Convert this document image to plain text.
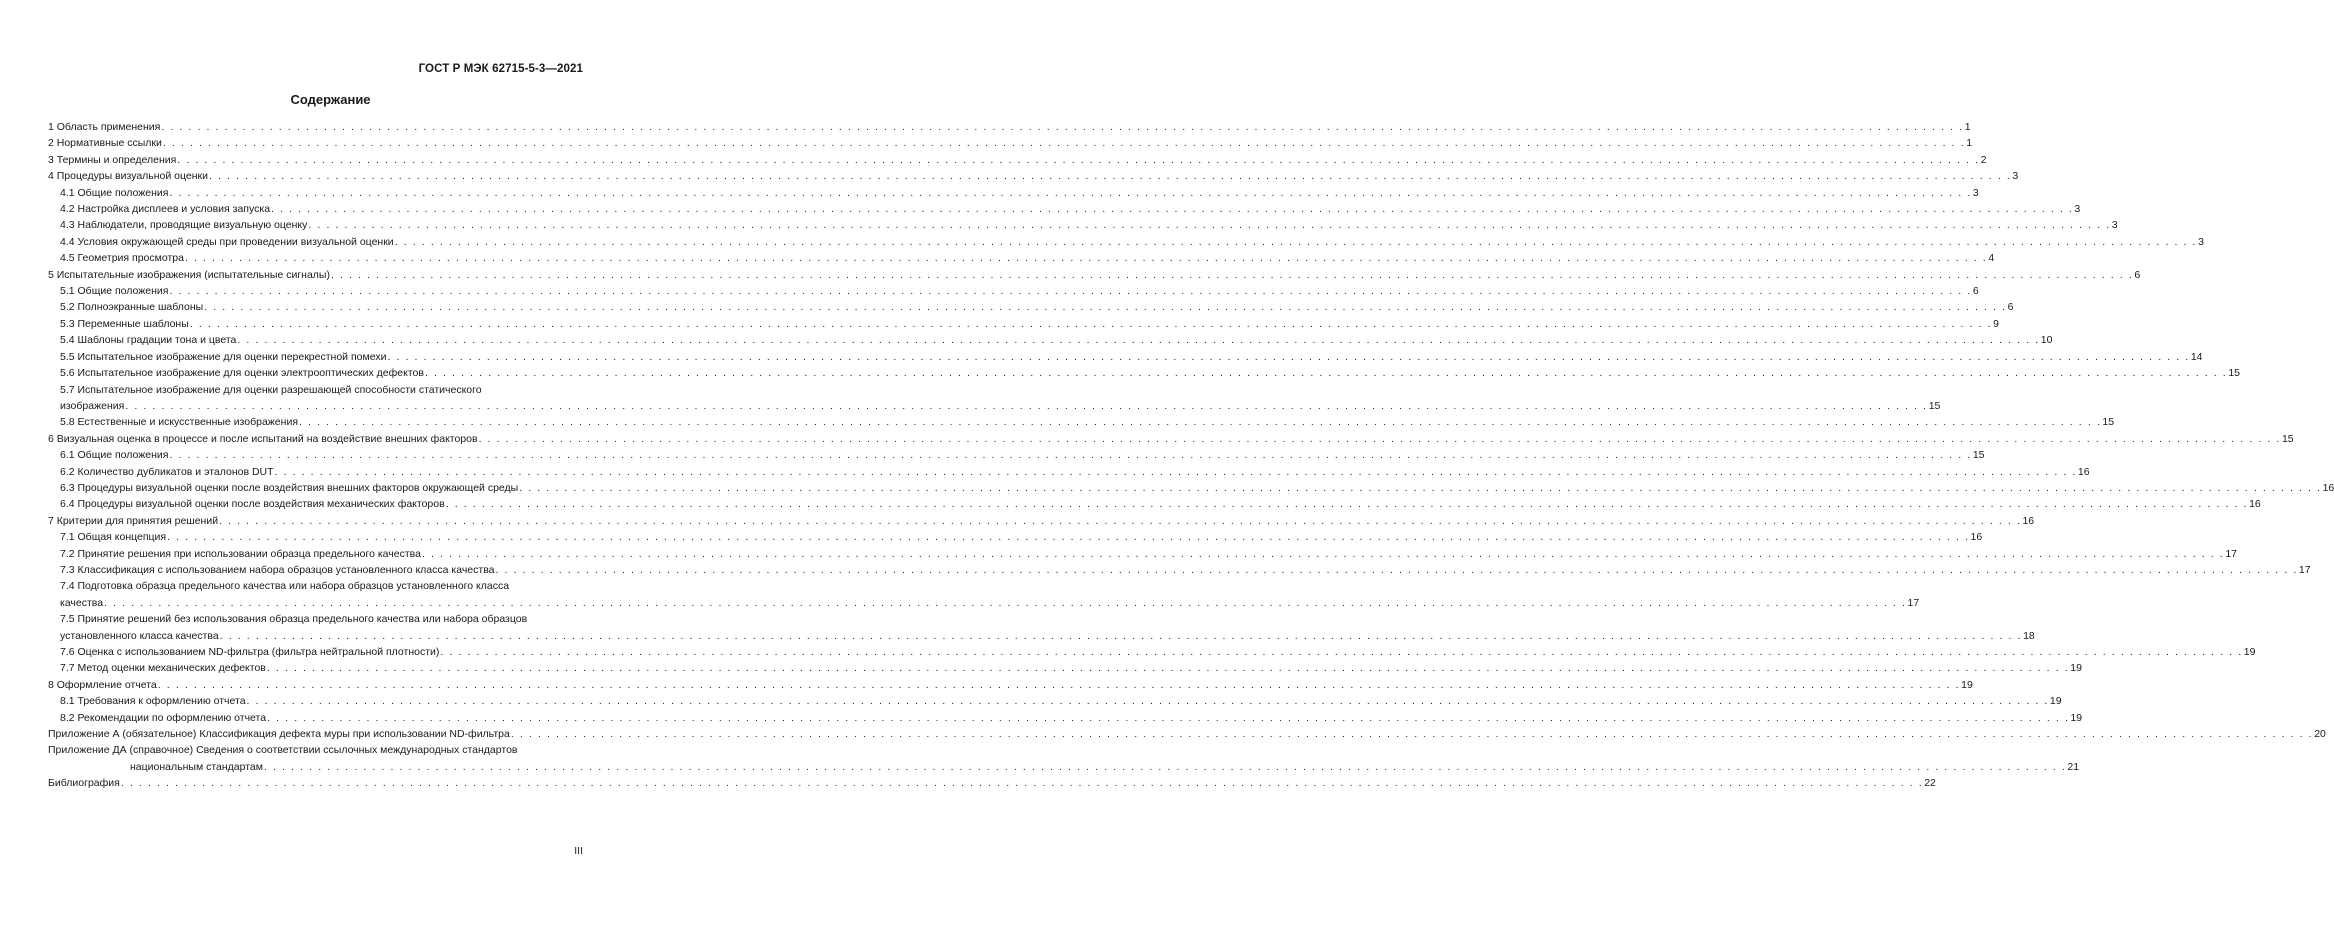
ГОСТ Р МЭК 62715-5-3—2021
Содержание
1 Область применения . . . . . . . . . . . . . . . . . . . . . . . . . . . . . . . . . . . . . . . . . . . . . . . . . . . . . . . . . . . . . . . . . . . . . . . . . . . . . . . . . . . . . . . . . . . . . . . . . . . . . . . . . . . . . . . . . . . . . . . . . . . . . . . . . . . . . . . . . . . . . . . . . . . . . . . . . . . . . . . . . . . . . . . . . . . . . . . . . . . . . . . . . . . . . . . . . . . . . . . . 1
2 Нормативные ссылки . . . . . . . . . . . . . . . . . . . . . . . . . . . . . . . . . . . . . . . . . . . . . . . . . . . . . . . . . . . . . . . . . . . . . . . . . . . . . . . . . . . . . . . . . . . . . . . . . . . . . . . . . . . . . . . . . . . . . . . . . . . . . . . . . . . . . . . . . . . . . . . . . . . . . . . . . . . . . . . . . . . . . . . . . . . . . . . . . . . . . . . . . . . . . . . . . . . . . . . . 1
3 Термины и определения . . . . . . . . . . . . . . . . . . . . . . . . . . . . . . . . . . . . . . . . . . . . . . . . . . . . . . . . . . . . . . . . . . . . . . . . . . . . . . . . . . . . . . . . . . . . . . . . . . . . . . . . . . . . . . . . . . . . . . . . . . . . . . . . . . . . . . . . . . . . . . . . . . . . . . . . . . . . . . . . . . . . . . . . . . . . . . . . . . . . . . . . . . . . . . . . . . . . . . . . 2
4 Процедуры визуальной оценки . . . . . . . . . . . . . . . . . . . . . . . . . . . . . . . . . . . . . . . . . . . . . . . . . . . . . . . . . . . . . . . . . . . . . . . . . . . . . . . . . . . . . . . . . . . . . . . . . . . . . . . . . . . . . . . . . . . . . . . . . . . . . . . . . . . . . . . . . . . . . . . . . . . . . . . . . . . . . . . . . . . . . . . . . . . . . . . . . . . . . . . . . . . . . . . . . . . . . . . . 3
4.1 Общие положения . . . . . . . . . . . . . . . . . . . . . . . . . . . . . . . . . . . . . . . . . . . . . . . . . . . . . . . . . . . . . . . . . . . . . . . . . . . . . . . . . . . . . . . . . . . . . . . . . . . . . . . . . . . . . . . . . . . . . . . . . . . . . . . . . . . . . . . . . . . . . . . . . . . . . . . . . . . . . . . . . . . . . . . . . . . . . . . . . . . . . . . . . . . . . . . . . . . . . . . . 3
4.2 Настройка дисплеев и условия запуска . . . . . . . . . . . . . . . . . . . . . . . . . . . . . . . . . . . . . . . . . . . . . . . . . . . . . . . . . . . . . . . . . . . . . . . . . . . . . . . . . . . . . . . . . . . . . . . . . . . . . . . . . . . . . . . . . . . . . . . . . . . . . . . . . . . . . . . . . . . . . . . . . . . . . . . . . . . . . . . . . . . . . . . . . . . . . . . . . . . . . . . . . . . . . . . . . . . . . . . . 3
4.3 Наблюдатели, проводящие визуальную оценку . . . . . . . . . . . . . . . . . . . . . . . . . . . . . . . . . . . . . . . . . . . . . . . . . . . . . . . . . . . . . . . . . . . . . . . . . . . . . . . . . . . . . . . . . . . . . . . . . . . . . . . . . . . . . . . . . . . . . . . . . . . . . . . . . . . . . . . . . . . . . . . . . . . . . . . . . . . . . . . . . . . . . . . . . . . . . . . . . . . . . . . . . . . . . . . . . . . . . . . . 3
4.4 Условия окружающей среды при проведении визуальной оценки . . . . . . . . . . . . . . . . . . . . . . . . . . . . . . . . . . . . . . . . . . . . . . . . . . . . . . . . . . . . . . . . . . . . . . . . . . . . . . . . . . . . . . . . . . . . . . . . . . . . . . . . . . . . . . . . . . . . . . . . . . . . . . . . . . . . . . . . . . . . . . . . . . . . . . . . . . . . . . . . . . . . . . . . . . . . . . . . . . . . . . . . . . . . . . . . . . . . . . . . 3
4.5 Геометрия просмотра . . . . . . . . . . . . . . . . . . . . . . . . . . . . . . . . . . . . . . . . . . . . . . . . . . . . . . . . . . . . . . . . . . . . . . . . . . . . . . . . . . . . . . . . . . . . . . . . . . . . . . . . . . . . . . . . . . . . . . . . . . . . . . . . . . . . . . . . . . . . . . . . . . . . . . . . . . . . . . . . . . . . . . . . . . . . . . . . . . . . . . . . . . . . . . . . . . . . . . . . 4
5 Испытательные изображения (испытательные сигналы) . . . . . . . . . . . . . . . . . . . . . . . . . . . . . . . . . . . . . . . . . . . . . . . . . . . . . . . . . . . . . . . . . . . . . . . . . . . . . . . . . . . . . . . . . . . . . . . . . . . . . . . . . . . . . . . . . . . . . . . . . . . . . . . . . . . . . . . . . . . . . . . . . . . . . . . . . . . . . . . . . . . . . . . . . . . . . . . . . . . . . . . . . . . . . . . . . . . . . . . . 6
5.1 Общие положения . . . . . . . . . . . . . . . . . . . . . . . . . . . . . . . . . . . . . . . . . . . . . . . . . . . . . . . . . . . . . . . . . . . . . . . . . . . . . . . . . . . . . . . . . . . . . . . . . . . . . . . . . . . . . . . . . . . . . . . . . . . . . . . . . . . . . . . . . . . . . . . . . . . . . . . . . . . . . . . . . . . . . . . . . . . . . . . . . . . . . . . . . . . . . . . . . . . . . . . . 6
5.2 Полноэкранные шаблоны . . . . . . . . . . . . . . . . . . . . . . . . . . . . . . . . . . . . . . . . . . . . . . . . . . . . . . . . . . . . . . . . . . . . . . . . . . . . . . . . . . . . . . . . . . . . . . . . . . . . . . . . . . . . . . . . . . . . . . . . . . . . . . . . . . . . . . . . . . . . . . . . . . . . . . . . . . . . . . . . . . . . . . . . . . . . . . . . . . . . . . . . . . . . . . . . . . . . . . . . 6
5.3 Переменные шаблоны . . . . . . . . . . . . . . . . . . . . . . . . . . . . . . . . . . . . . . . . . . . . . . . . . . . . . . . . . . . . . . . . . . . . . . . . . . . . . . . . . . . . . . . . . . . . . . . . . . . . . . . . . . . . . . . . . . . . . . . . . . . . . . . . . . . . . . . . . . . . . . . . . . . . . . . . . . . . . . . . . . . . . . . . . . . . . . . . . . . . . . . . . . . . . . . . . . . . . . . . 9
5.4 Шаблоны градации тона и цвета . . . . . . . . . . . . . . . . . . . . . . . . . . . . . . . . . . . . . . . . . . . . . . . . . . . . . . . . . . . . . . . . . . . . . . . . . . . . . . . . . . . . . . . . . . . . . . . . . . . . . . . . . . . . . . . . . . . . . . . . . . . . . . . . . . . . . . . . . . . . . . . . . . . . . . . . . . . . . . . . . . . . . . . . . . . . . . . . . . . . . . . . . . . . . . . . . . . . . . . . 10
5.5 Испытательное изображение для оценки перекрестной помехи . . . . . . . . . . . . . . . . . . . . . . . . . . . . . . . . . . . . . . . . . . . . . . . . . . . . . . . . . . . . . . . . . . . . . . . . . . . . . . . . . . . . . . . . . . . . . . . . . . . . . . . . . . . . . . . . . . . . . . . . . . . . . . . . . . . . . . . . . . . . . . . . . . . . . . . . . . . . . . . . . . . . . . . . . . . . . . . . . . . . . . . . . . . . . . . . . . . . . . . . 14
5.6 Испытательное изображение для оценки электрооптических дефектов . . . . . . . . . . . . . . . . . . . . . . . . . . . . . . . . . . . . . . . . . . . . . . . . . . . . . . . . . . . . . . . . . . . . . . . . . . . . . . . . . . . . . . . . . . . . . . . . . . . . . . . . . . . . . . . . . . . . . . . . . . . . . . . . . . . . . . . . . . . . . . . . . . . . . . . . . . . . . . . . . . . . . . . . . . . . . . . . . . . . . . . . . . . . . . . . . . . . . . . . 15
5.7 Испытательное изображение для оценки разрешающей способности статического
изображения . . . . . . . . . . . . . . . . . . . . . . . . . . . . . . . . . . . . . . . . . . . . . . . . . . . . . . . . . . . . . . . . . . . . . . . . . . . . . . . . . . . . . . . . . . . . . . . . . . . . . . . . . . . . . . . . . . . . . . . . . . . . . . . . . . . . . . . . . . . . . . . . . . . . . . . . . . . . . . . . . . . . . . . . . . . . . . . . . . . . . . . . . . . . . . . . . . . . . . . . 15
5.8 Естественные и искусственные изображения . . . . . . . . . . . . . . . . . . . . . . . . . . . . . . . . . . . . . . . . . . . . . . . . . . . . . . . . . . . . . . . . . . . . . . . . . . . . . . . . . . . . . . . . . . . . . . . . . . . . . . . . . . . . . . . . . . . . . . . . . . . . . . . . . . . . . . . . . . . . . . . . . . . . . . . . . . . . . . . . . . . . . . . . . . . . . . . . . . . . . . . . . . . . . . . . . . . . . . . . 15
6 Визуальная оценка в процессе и после испытаний на воздействие внешних факторов . . . . . . . . . . . . . . . . . . . . . . . . . . . . . . . . . . . . . . . . . . . . . . . . . . . . . . . . . . . . . . . . . . . . . . . . . . . . . . . . . . . . . . . . . . . . . . . . . . . . . . . . . . . . . . . . . . . . . . . . . . . . . . . . . . . . . . . . . . . . . . . . . . . . . . . . . . . . . . . . . . . . . . . . . . . . . . . . . . . . . . . . . . . . . . . . . . . . . . . . 15
6.1 Общие положения . . . . . . . . . . . . . . . . . . . . . . . . . . . . . . . . . . . . . . . . . . . . . . . . . . . . . . . . . . . . . . . . . . . . . . . . . . . . . . . . . . . . . . . . . . . . . . . . . . . . . . . . . . . . . . . . . . . . . . . . . . . . . . . . . . . . . . . . . . . . . . . . . . . . . . . . . . . . . . . . . . . . . . . . . . . . . . . . . . . . . . . . . . . . . . . . . . . . . . . . 15
6.2 Количество дубликатов и эталонов DUT . . . . . . . . . . . . . . . . . . . . . . . . . . . . . . . . . . . . . . . . . . . . . . . . . . . . . . . . . . . . . . . . . . . . . . . . . . . . . . . . . . . . . . . . . . . . . . . . . . . . . . . . . . . . . . . . . . . . . . . . . . . . . . . . . . . . . . . . . . . . . . . . . . . . . . . . . . . . . . . . . . . . . . . . . . . . . . . . . . . . . . . . . . . . . . . . . . . . . . . . 16
6.3 Процедуры визуальной оценки после воздействия внешних факторов окружающей среды . . . . . . . . . . . . . . . . . . . . . . . . . . . . . . . . . . . . . . . . . . . . . . . . . . . . . . . . . . . . . . . . . . . . . . . . . . . . . . . . . . . . . . . . . . . . . . . . . . . . . . . . . . . . . . . . . . . . . . . . . . . . . . . . . . . . . . . . . . . . . . . . . . . . . . . . . . . . . . . . . . . . . . . . . . . . . . . . . . . . . . . . . . . . . . . . . . . . . . . . 16
6.4 Процедуры визуальной оценки после воздействия механических факторов . . . . . . . . . . . . . . . . . . . . . . . . . . . . . . . . . . . . . . . . . . . . . . . . . . . . . . . . . . . . . . . . . . . . . . . . . . . . . . . . . . . . . . . . . . . . . . . . . . . . . . . . . . . . . . . . . . . . . . . . . . . . . . . . . . . . . . . . . . . . . . . . . . . . . . . . . . . . . . . . . . . . . . . . . . . . . . . . . . . . . . . . . . . . . . . . . . . . . . . . 16
7 Критерии для принятия решений . . . . . . . . . . . . . . . . . . . . . . . . . . . . . . . . . . . . . . . . . . . . . . . . . . . . . . . . . . . . . . . . . . . . . . . . . . . . . . . . . . . . . . . . . . . . . . . . . . . . . . . . . . . . . . . . . . . . . . . . . . . . . . . . . . . . . . . . . . . . . . . . . . . . . . . . . . . . . . . . . . . . . . . . . . . . . . . . . . . . . . . . . . . . . . . . . . . . . . . . 16
7.1 Общая концепция . . . . . . . . . . . . . . . . . . . . . . . . . . . . . . . . . . . . . . . . . . . . . . . . . . . . . . . . . . . . . . . . . . . . . . . . . . . . . . . . . . . . . . . . . . . . . . . . . . . . . . . . . . . . . . . . . . . . . . . . . . . . . . . . . . . . . . . . . . . . . . . . . . . . . . . . . . . . . . . . . . . . . . . . . . . . . . . . . . . . . . . . . . . . . . . . . . . . . . . . 16
7.2 Принятие решения при использовании образца предельного качества . . . . . . . . . . . . . . . . . . . . . . . . . . . . . . . . . . . . . . . . . . . . . . . . . . . . . . . . . . . . . . . . . . . . . . . . . . . . . . . . . . . . . . . . . . . . . . . . . . . . . . . . . . . . . . . . . . . . . . . . . . . . . . . . . . . . . . . . . . . . . . . . . . . . . . . . . . . . . . . . . . . . . . . . . . . . . . . . . . . . . . . . . . . . . . . . . . . . . . . . 17
7.3 Классификация с использованием набора образцов установленного класса качества . . . . . . . . . . . . . . . . . . . . . . . . . . . . . . . . . . . . . . . . . . . . . . . . . . . . . . . . . . . . . . . . . . . . . . . . . . . . . . . . . . . . . . . . . . . . . . . . . . . . . . . . . . . . . . . . . . . . . . . . . . . . . . . . . . . . . . . . . . . . . . . . . . . . . . . . . . . . . . . . . . . . . . . . . . . . . . . . . . . . . . . . . . . . . . . . . . . . . . . . 17
7.4 Подготовка образца предельного качества или набора образцов установленного класса
качества . . . . . . . . . . . . . . . . . . . . . . . . . . . . . . . . . . . . . . . . . . . . . . . . . . . . . . . . . . . . . . . . . . . . . . . . . . . . . . . . . . . . . . . . . . . . . . . . . . . . . . . . . . . . . . . . . . . . . . . . . . . . . . . . . . . . . . . . . . . . . . . . . . . . . . . . . . . . . . . . . . . . . . . . . . . . . . . . . . . . . . . . . . . . . . . . . . . . . . . . 17
7.5 Принятие решений без использования образца предельного качества или набора образцов
установленного класса качества . . . . . . . . . . . . . . . . . . . . . . . . . . . . . . . . . . . . . . . . . . . . . . . . . . . . . . . . . . . . . . . . . . . . . . . . . . . . . . . . . . . . . . . . . . . . . . . . . . . . . . . . . . . . . . . . . . . . . . . . . . . . . . . . . . . . . . . . . . . . . . . . . . . . . . . . . . . . . . . . . . . . . . . . . . . . . . . . . . . . . . . . . . . . . . . . . . . . . . . . 18
7.6 Оценка с использованием ND-фильтра (фильтра нейтральной плотности) . . . . . . . . . . . . . . . . . . . . . . . . . . . . . . . . . . . . . . . . . . . . . . . . . . . . . . . . . . . . . . . . . . . . . . . . . . . . . . . . . . . . . . . . . . . . . . . . . . . . . . . . . . . . . . . . . . . . . . . . . . . . . . . . . . . . . . . . . . . . . . . . . . . . . . . . . . . . . . . . . . . . . . . . . . . . . . . . . . . . . . . . . . . . . . . . . . . . . . . . 19
7.7 Метод оценки механических дефектов . . . . . . . . . . . . . . . . . . . . . . . . . . . . . . . . . . . . . . . . . . . . . . . . . . . . . . . . . . . . . . . . . . . . . . . . . . . . . . . . . . . . . . . . . . . . . . . . . . . . . . . . . . . . . . . . . . . . . . . . . . . . . . . . . . . . . . . . . . . . . . . . . . . . . . . . . . . . . . . . . . . . . . . . . . . . . . . . . . . . . . . . . . . . . . . . . . . . . . . . 19
8 Оформление отчета . . . . . . . . . . . . . . . . . . . . . . . . . . . . . . . . . . . . . . . . . . . . . . . . . . . . . . . . . . . . . . . . . . . . . . . . . . . . . . . . . . . . . . . . . . . . . . . . . . . . . . . . . . . . . . . . . . . . . . . . . . . . . . . . . . . . . . . . . . . . . . . . . . . . . . . . . . . . . . . . . . . . . . . . . . . . . . . . . . . . . . . . . . . . . . . . . . . . . . . . 19
8.1 Требования к оформлению отчета . . . . . . . . . . . . . . . . . . . . . . . . . . . . . . . . . . . . . . . . . . . . . . . . . . . . . . . . . . . . . . . . . . . . . . . . . . . . . . . . . . . . . . . . . . . . . . . . . . . . . . . . . . . . . . . . . . . . . . . . . . . . . . . . . . . . . . . . . . . . . . . . . . . . . . . . . . . . . . . . . . . . . . . . . . . . . . . . . . . . . . . . . . . . . . . . . . . . . . . . 19
8.2 Рекомендации по оформлению отчета . . . . . . . . . . . . . . . . . . . . . . . . . . . . . . . . . . . . . . . . . . . . . . . . . . . . . . . . . . . . . . . . . . . . . . . . . . . . . . . . . . . . . . . . . . . . . . . . . . . . . . . . . . . . . . . . . . . . . . . . . . . . . . . . . . . . . . . . . . . . . . . . . . . . . . . . . . . . . . . . . . . . . . . . . . . . . . . . . . . . . . . . . . . . . . . . . . . . . . . . 19
Приложение А (обязательное) Классификация дефекта муры при использовании ND-фильтра . . . . . . . . . . . . . . . . . . . . . . . . . . . . . . . . . . . . . . . . . . . . . . . . . . . . . . . . . . . . . . . . . . . . . . . . . . . . . . . . . . . . . . . . . . . . . . . . . . . . . . . . . . . . . . . . . . . . . . . . . . . . . . . . . . . . . . . . . . . . . . . . . . . . . . . . . . . . . . . . . . . . . . . . . . . . . . . . . . . . . . . . . . . . . . . . . . . . . . . . 20
Приложение ДА (справочное) Сведения о соответствии ссылочных международных стандартов
национальным стандартам . . . . . . . . . . . . . . . . . . . . . . . . . . . . . . . . . . . . . . . . . . . . . . . . . . . . . . . . . . . . . . . . . . . . . . . . . . . . . . . . . . . . . . . . . . . . . . . . . . . . . . . . . . . . . . . . . . . . . . . . . . . . . . . . . . . . . . . . . . . . . . . . . . . . . . . . . . . . . . . . . . . . . . . . . . . . . . . . . . . . . . . . . . . . . . . . . . . . . . . . 21
Библиография . . . . . . . . . . . . . . . . . . . . . . . . . . . . . . . . . . . . . . . . . . . . . . . . . . . . . . . . . . . . . . . . . . . . . . . . . . . . . . . . . . . . . . . . . . . . . . . . . . . . . . . . . . . . . . . . . . . . . . . . . . . . . . . . . . . . . . . . . . . . . . . . . . . . . . . . . . . . . . . . . . . . . . . . . . . . . . . . . . . . . . . . . . . . . . . . . . . . . . . . 22
III
